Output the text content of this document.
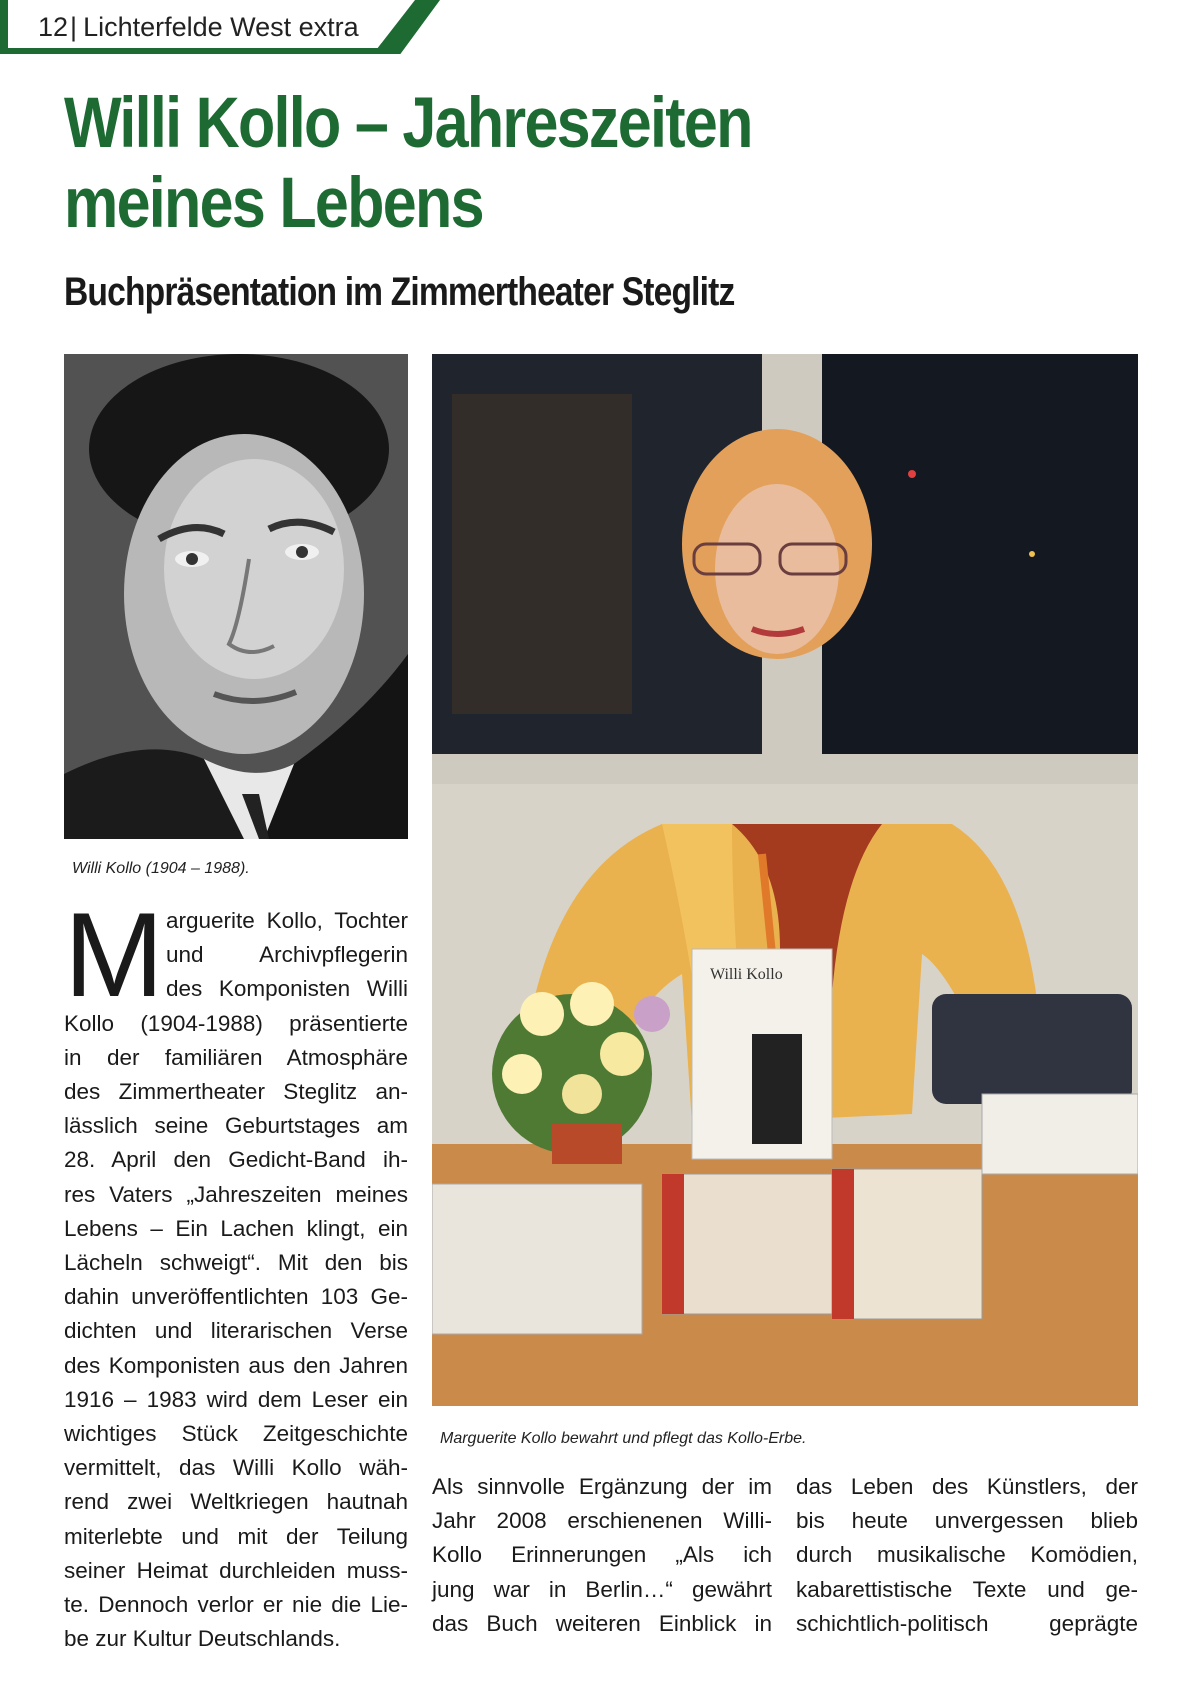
12| Lichterfelde West extra
Willi Kollo – Jahreszeiten
meines Lebens
Buchpräsentation im Zimmertheater Steglitz
Willi Kollo (1904 – 1988).
Willi Kollo
Marguerite Kollo bewahrt und pflegt das Kollo-Erbe.
M arguerite Kollo, Tochter
und Archivpflegerin
des Komponisten Willi
Kollo (1904-1988) präsentierte
in der familiären Atmosphäre
des Zimmertheater Steglitz an-
lässlich seine Geburtstages am
28. April den Gedicht-Band ih-
res Vaters „Jahreszeiten meines
Lebens – Ein Lachen klingt, ein
Lächeln schweigt“. Mit den bis
dahin unveröffentlichten 103 Ge-
dichten und literarischen Verse
des Komponisten aus den Jahren
1916 – 1983 wird dem Leser ein
wichtiges Stück Zeitgeschichte
vermittelt, das Willi Kollo wäh-
rend zwei Weltkriegen hautnah
miterlebte und mit der Teilung
seiner Heimat durchleiden muss-
te. Dennoch verlor er nie die Lie-
be zur Kultur Deutschlands.
Als sinnvolle Ergänzung der im
Jahr 2008 erschienenen Willi-
Kollo Erinnerungen „Als ich
jung war in Berlin…“ gewährt
das Buch weiteren Einblick in
das Leben des Künstlers, der
bis heute unvergessen blieb
durch musikalische Komödien,
kabarettistische Texte und ge-
schichtlich-politisch geprägte
